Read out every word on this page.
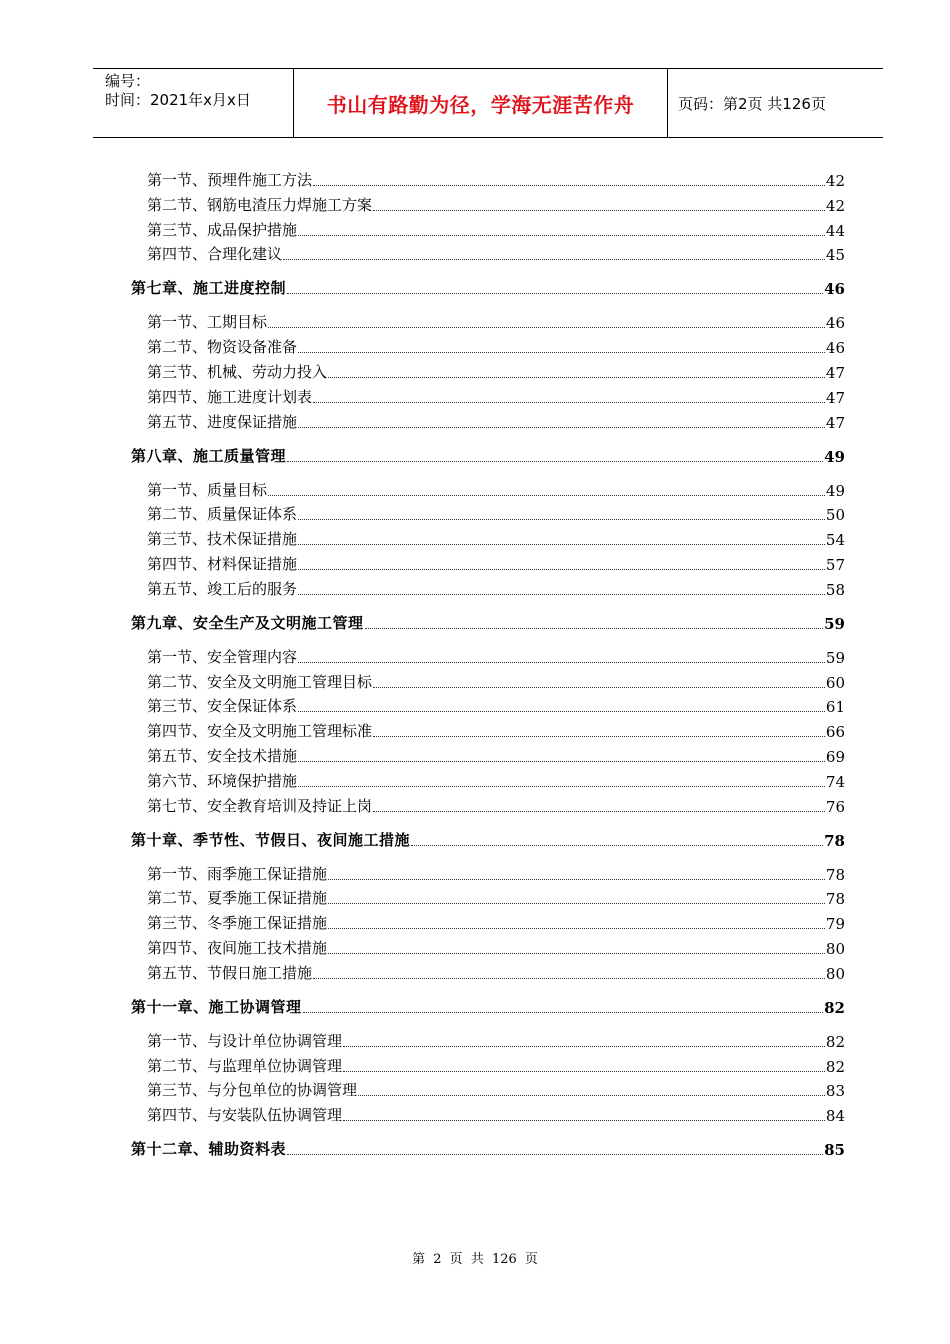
编号：
时间：2021年x月x日	书山有路勤为径，学海无涯苦作舟	页码：第2页 共126页
第一节、预埋件施工方法	42
第二节、钢筋电渣压力焊施工方案	42
第三节、成品保护措施	44
第四节、合理化建议	45
第七章、施工进度控制	46
第一节、工期目标	46
第二节、物资设备准备	46
第三节、机械、劳动力投入	47
第四节、施工进度计划表	47
第五节、进度保证措施	47
第八章、施工质量管理	49
第一节、质量目标	49
第二节、质量保证体系	50
第三节、技术保证措施	54
第四节、材料保证措施	57
第五节、竣工后的服务	58
第九章、安全生产及文明施工管理	59
第一节、安全管理内容	59
第二节、安全及文明施工管理目标	60
第三节、安全保证体系	61
第四节、安全及文明施工管理标准	66
第五节、安全技术措施	69
第六节、环境保护措施	74
第七节、安全教育培训及持证上岗	76
第十章、季节性、节假日、夜间施工措施	78
第一节、雨季施工保证措施	78
第二节、夏季施工保证措施	78
第三节、冬季施工保证措施	79
第四节、夜间施工技术措施	80
第五节、节假日施工措施	80
第十一章、施工协调管理	82
第一节、与设计单位协调管理	82
第二节、与监理单位协调管理	82
第三节、与分包单位的协调管理	83
第四节、与安装队伍协调管理	84
第十二章、辅助资料表	85
第 2 页 共 126 页
